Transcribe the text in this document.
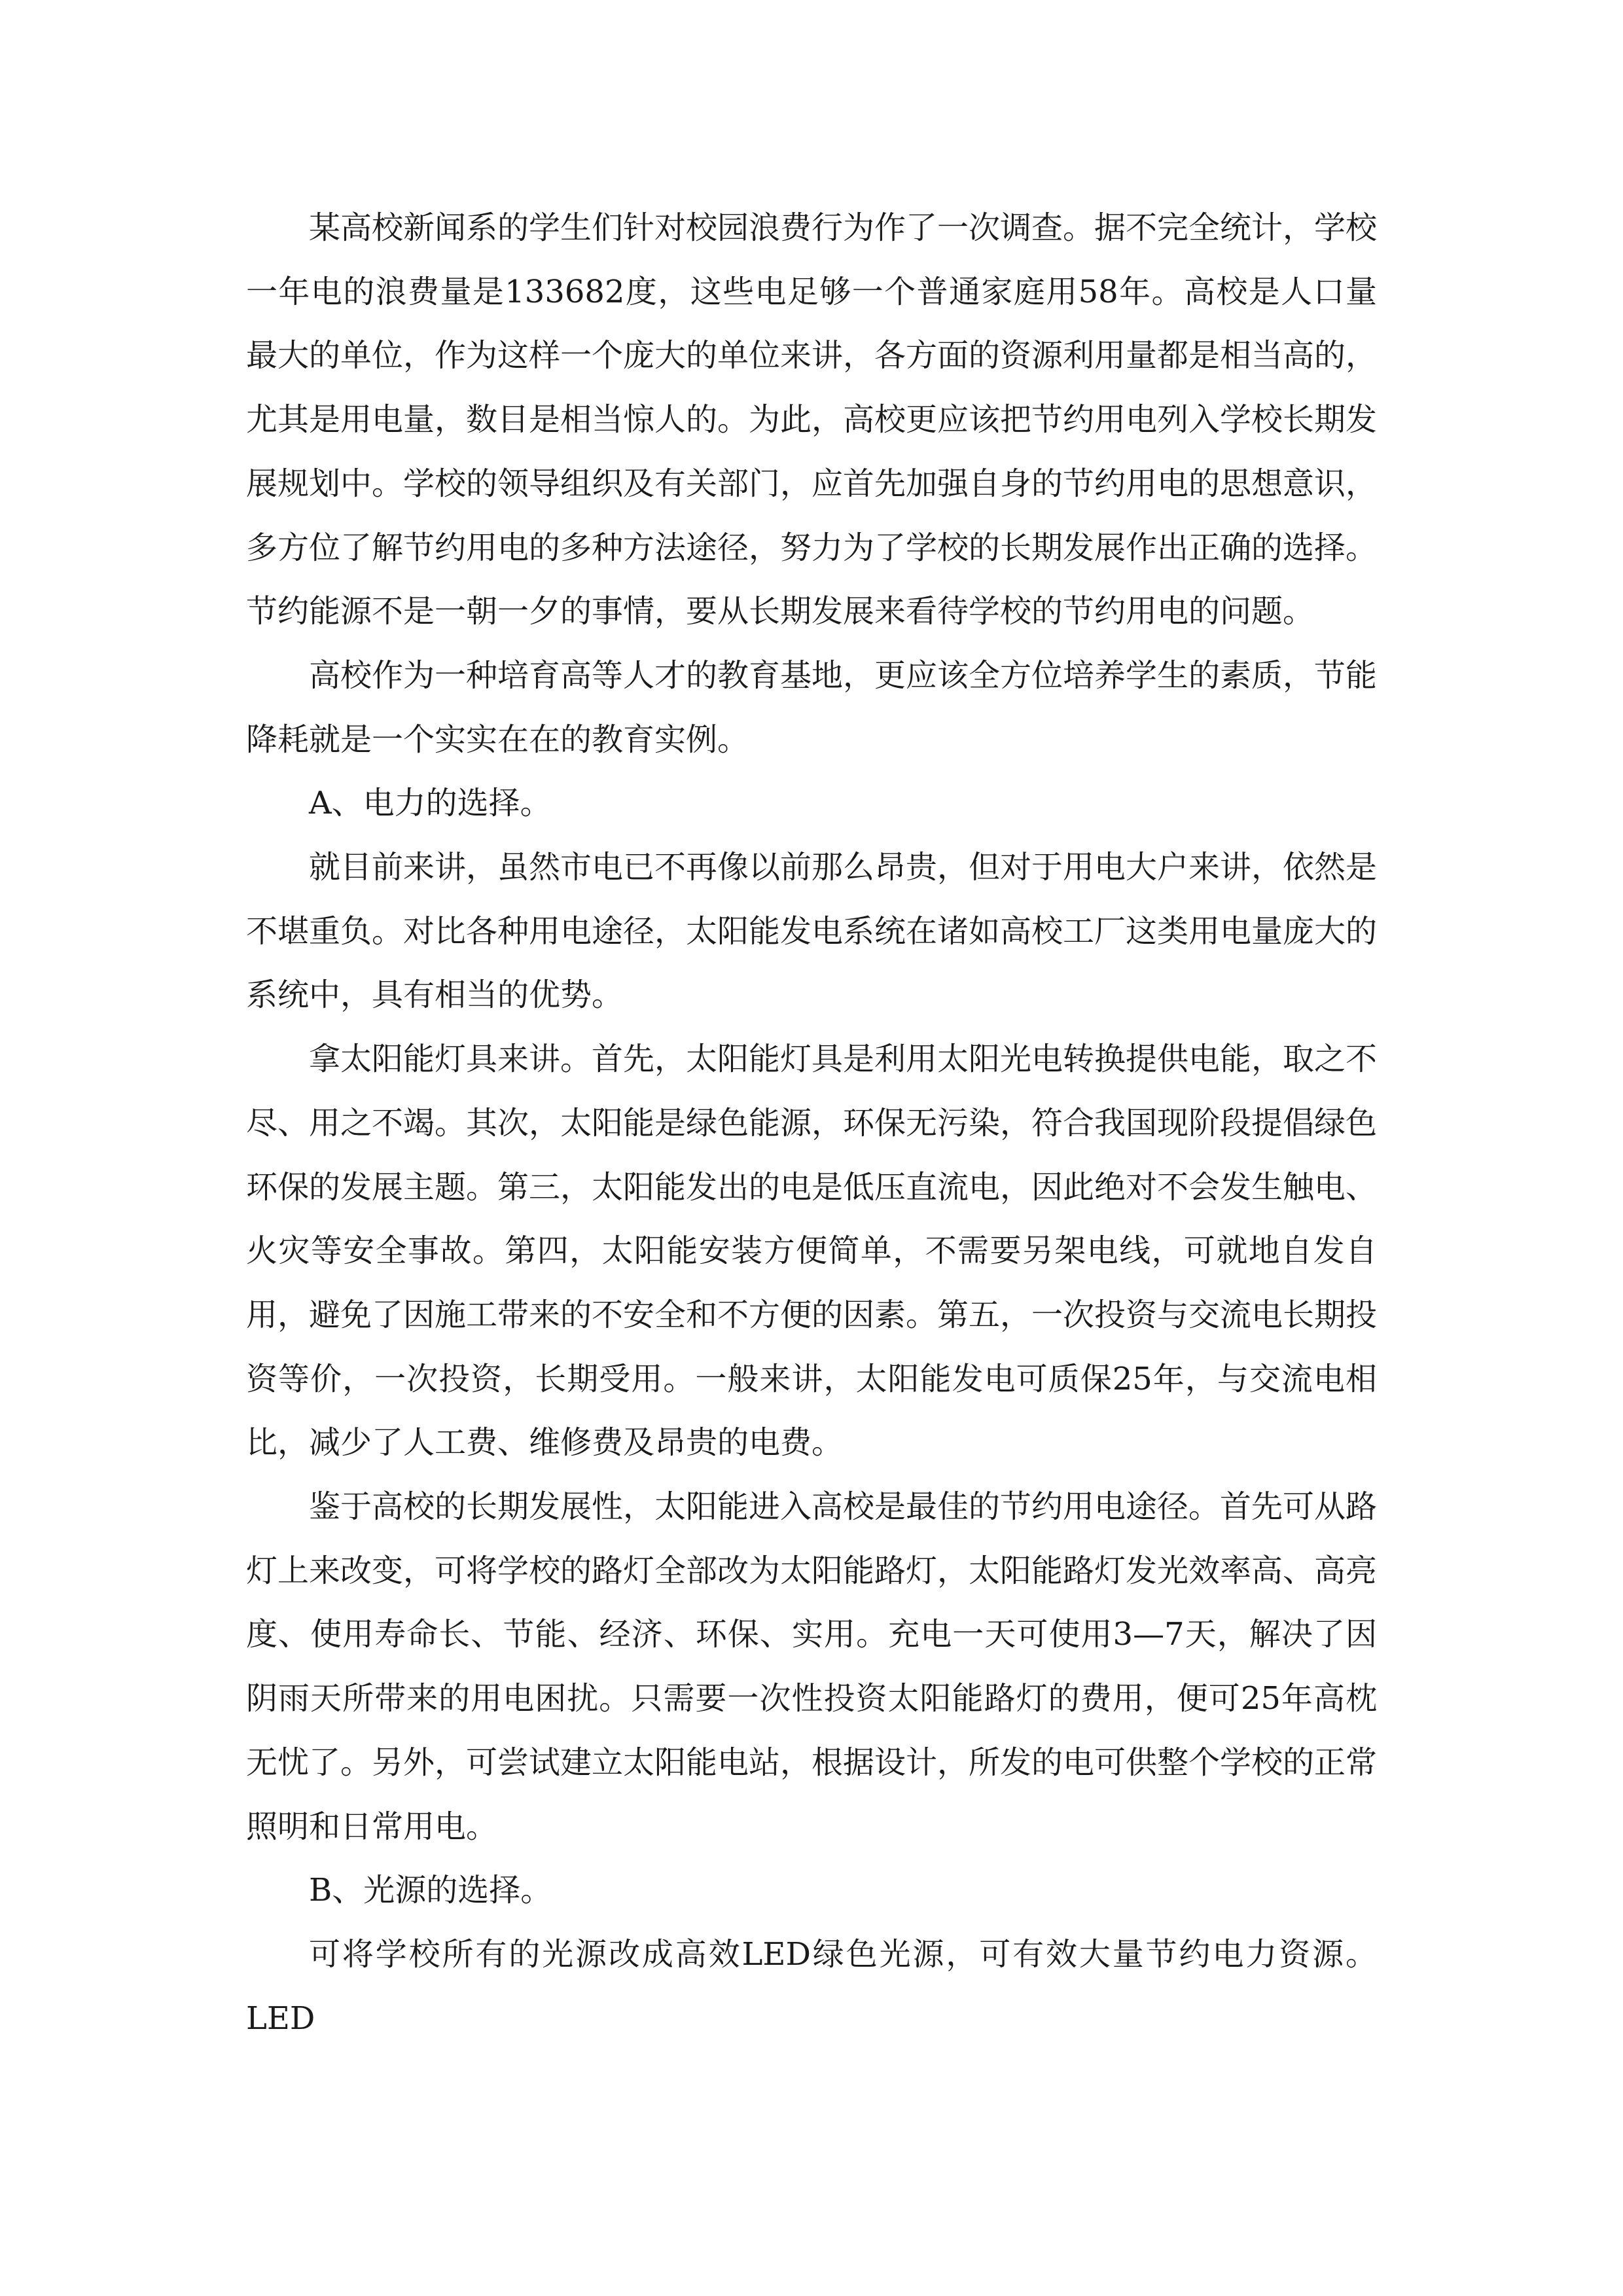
某高校新闻系的学生们针对校园浪费行为作了一次调查。据不完全统计，学校一年电的浪费量是133682度，这些电足够一个普通家庭用58年。高校是人口量最大的单位，作为这样一个庞大的单位来讲，各方面的资源利用量都是相当高的，尤其是用电量，数目是相当惊人的。为此，高校更应该把节约用电列入学校长期发展规划中。学校的领导组织及有关部门，应首先加强自身的节约用电的思想意识，多方位了解节约用电的多种方法途径，努力为了学校的长期发展作出正确的选择。节约能源不是一朝一夕的事情，要从长期发展来看待学校的节约用电的问题。

高校作为一种培育高等人才的教育基地，更应该全方位培养学生的素质，节能降耗就是一个实实在在的教育实例。

A、电力的选择。

就目前来讲，虽然市电已不再像以前那么昂贵，但对于用电大户来讲，依然是不堪重负。对比各种用电途径，太阳能发电系统在诸如高校工厂这类用电量庞大的系统中，具有相当的优势。

拿太阳能灯具来讲。首先，太阳能灯具是利用太阳光电转换提供电能，取之不尽、用之不竭。其次，太阳能是绿色能源，环保无污染，符合我国现阶段提倡绿色环保的发展主题。第三，太阳能发出的电是低压直流电，因此绝对不会发生触电、火灾等安全事故。第四，太阳能安装方便简单，不需要另架电线，可就地自发自用，避免了因施工带来的不安全和不方便的因素。第五，一次投资与交流电长期投资等价，一次投资，长期受用。一般来讲，太阳能发电可质保25年，与交流电相比，减少了人工费、维修费及昂贵的电费。

鉴于高校的长期发展性，太阳能进入高校是最佳的节约用电途径。首先可从路灯上来改变，可将学校的路灯全部改为太阳能路灯，太阳能路灯发光效率高、高亮度、使用寿命长、节能、经济、环保、实用。充电一天可使用3—7天，解决了因阴雨天所带来的用电困扰。只需要一次性投资太阳能路灯的费用，便可25年高枕无忧了。另外，可尝试建立太阳能电站，根据设计，所发的电可供整个学校的正常照明和日常用电。

B、光源的选择。

可将学校所有的光源改成高效LED绿色光源，可有效大量节约电力资源。LED
